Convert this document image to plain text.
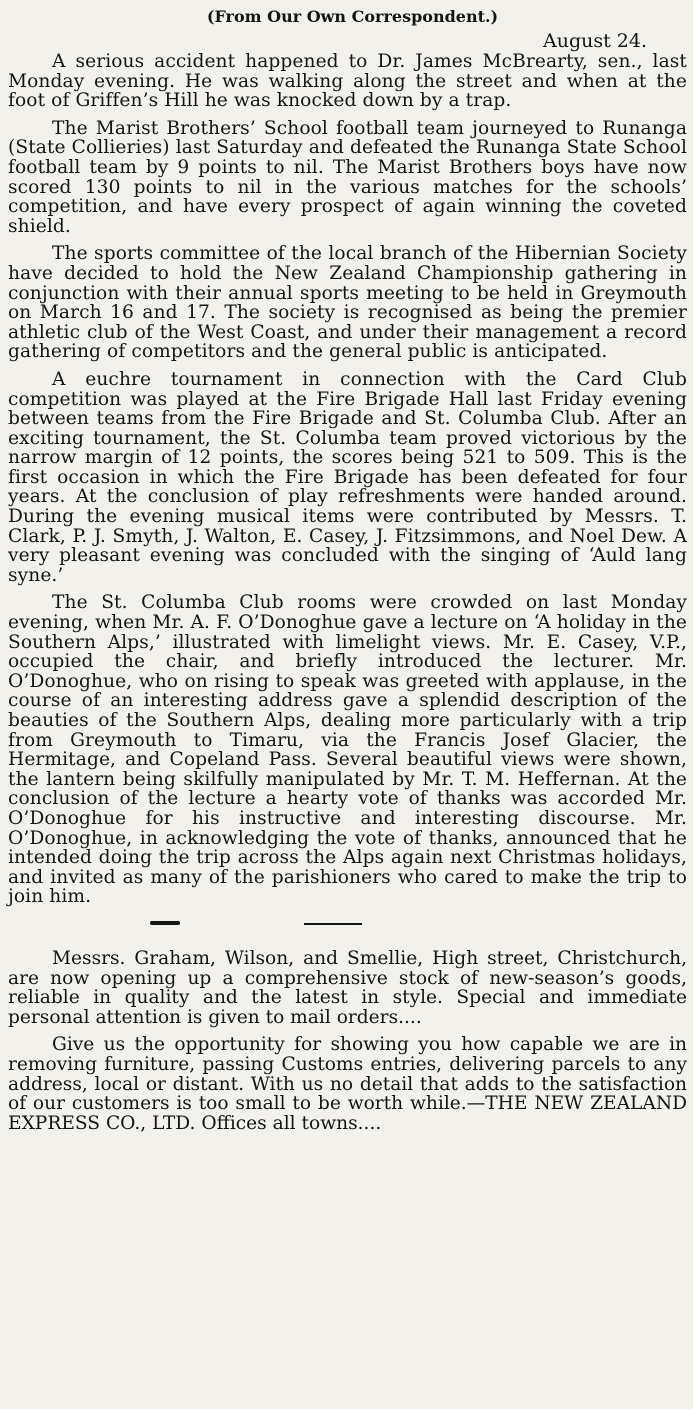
(From Our Own Correspondent.)
August 24.

A serious accident happened to Dr. James McBrearty, sen., last Monday evening. He was walking along the street and when at the foot of Griffen’s Hill he was knocked down by a trap.

The Marist Brothers’ School football team journeyed to Runanga (State Collieries) last Saturday and defeated the Runanga State School football team by 9 points to nil. The Marist Brothers boys have now scored 130 points to nil in the various matches for the schools’ competition, and have every prospect of again winning the coveted shield.

The sports committee of the local branch of the Hibernian Society have decided to hold the New Zealand Championship gathering in conjunction with their annual sports meeting to be held in Greymouth on March 16 and 17. The society is recognised as being the premier athletic club of the West Coast, and under their management a record gathering of competitors and the general public is anticipated.

A euchre tournament in connection with the Card Club competition was played at the Fire Brigade Hall last Friday evening between teams from the Fire Brigade and St. Columba Club. After an exciting tournament, the St. Columba team proved victorious by the narrow margin of 12 points, the scores being 521 to 509. This is the first occasion in which the Fire Brigade has been defeated for four years. At the conclusion of play refreshments were handed around. During the evening musical items were contributed by Messrs. T. Clark, P. J. Smyth, J. Walton, E. Casey, J. Fitzsimmons, and Noel Dew. A very pleasant evening was concluded with the singing of ‘Auld lang syne.’

The St. Columba Club rooms were crowded on last Monday evening, when Mr. A. F. O’Donoghue gave a lecture on ‘A holiday in the Southern Alps,’ illustrated with limelight views. Mr. E. Casey, V.P., occupied the chair, and briefly introduced the lecturer. Mr. O’Donoghue, who on rising to speak was greeted with applause, in the course of an interesting address gave a splendid description of the beauties of the Southern Alps, dealing more particularly with a trip from Greymouth to Timaru, via the Francis Josef Glacier, the Hermitage, and Copeland Pass. Several beautiful views were shown, the lantern being skilfully manipulated by Mr. T. M. Heffernan. At the conclusion of the lecture a hearty vote of thanks was accorded Mr. O’Donoghue for his instructive and interesting discourse. Mr. O’Donoghue, in acknowledging the vote of thanks, announced that he intended doing the trip across the Alps again next Christmas holidays, and invited as many of the parishioners who cared to make the trip to join him.

Messrs. Graham, Wilson, and Smellie, High street, Christchurch, are now opening up a comprehensive stock of new-season’s goods, reliable in quality and the latest in style. Special and immediate personal attention is given to mail orders....

Give us the opportunity for showing you how capable we are in removing furniture, passing Customs entries, delivering parcels to any address, local or distant. With us no detail that adds to the satisfaction of our customers is too small to be worth while.—THE NEW ZEALAND EXPRESS CO., LTD. Offices all towns....
